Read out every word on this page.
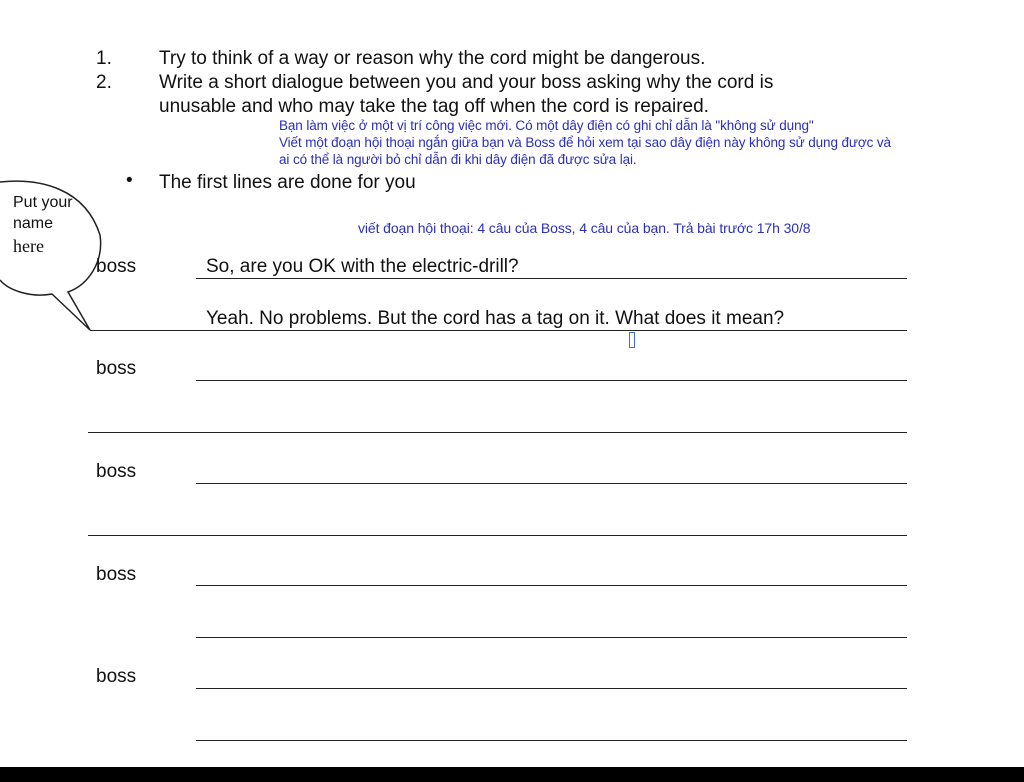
1. Try to think of a way or reason why the cord might be dangerous.
2. Write a short dialogue between you and your boss asking why the cord is
unusable and who may take the tag off when the cord is repaired.
Bạn làm việc ở một vị trí công việc mới. Có một dây điện có ghi chỉ dẫn là "không sử dụng"
Viết một đoạn hội thoại ngắn giữa bạn và Boss để hỏi xem tại sao dây điện này không sử dụng được và
ai có thể là người bỏ chỉ dẫn đi khi dây điện đã được sửa lại.
• The first lines are done for you
viết đoạn hội thoại: 4 câu của Boss, 4 câu của bạn. Trả bài trước 17h 30/8
Put your
name
here
boss	So, are you OK with the electric-drill?
Yeah. No problems. But the cord has a tag on it. What does it mean?
boss
boss
boss
boss
